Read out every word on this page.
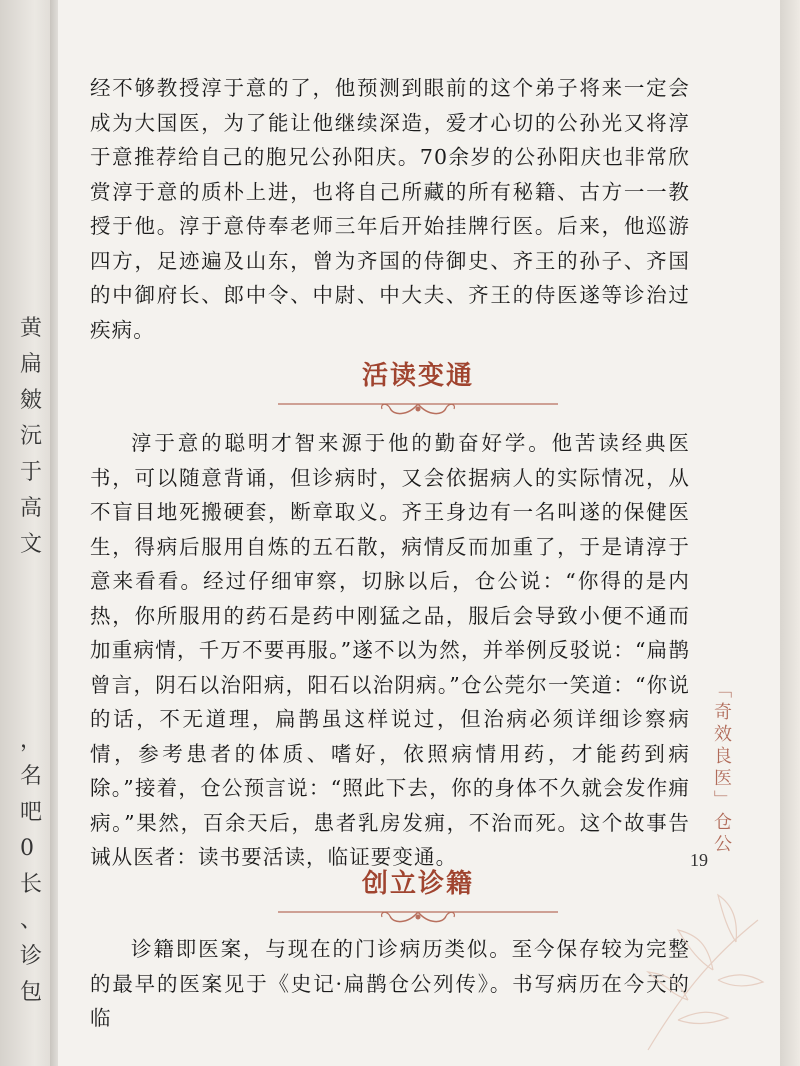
黄
扁
皴
沅
于
高
文
，
名
吧
0
长
、
诊
包

经不够教授淳于意的了，他预测到眼前的这个弟子将来一定会成为大国医，为了能让他继续深造，爱才心切的公孙光又将淳于意推荐给自己的胞兄公孙阳庆。70余岁的公孙阳庆也非常欣赏淳于意的质朴上进，也将自己所藏的所有秘籍、古方一一教授于他。淳于意侍奉老师三年后开始挂牌行医。后来，他巡游四方，足迹遍及山东，曾为齐国的侍御史、齐王的孙子、齐国的中御府长、郎中令、中尉、中大夫、齐王的侍医遂等诊治过疾病。

活读变通

淳于意的聪明才智来源于他的勤奋好学。他苦读经典医书，可以随意背诵，但诊病时，又会依据病人的实际情况，从不盲目地死搬硬套，断章取义。齐王身边有一名叫遂的保健医生，得病后服用自炼的五石散，病情反而加重了，于是请淳于意来看看。经过仔细审察，切脉以后，仓公说：“你得的是内热，你所服用的药石是药中刚猛之品，服后会导致小便不通而加重病情，千万不要再服。”遂不以为然，并举例反驳说：“扁鹊曾言，阴石以治阳病，阳石以治阴病。”仓公莞尔一笑道：“你说的话，不无道理，扁鹊虽这样说过，但治病必须详细诊察病情，参考患者的体质、嗜好，依照病情用药，才能药到病除。”接着，仓公预言说：“照此下去，你的身体不久就会发作痈病。”果然，百余天后，患者乳房发痈，不治而死。这个故事告诫从医者：读书要活读，临证要变通。

创立诊籍

诊籍即医案，与现在的门诊病历类似。至今保存较为完整的最早的医案见于《史记·扁鹊仓公列传》。书写病历在今天的临

「奇效良医」仓公
19
